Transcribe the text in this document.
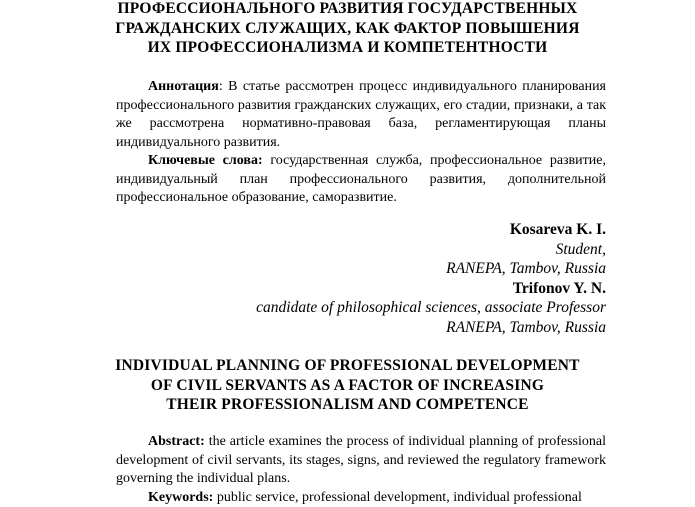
ПРОФЕССИОНАЛЬНОГО РАЗВИТИЯ ГОСУДАРСТВЕННЫХ
ГРАЖДАНСКИХ СЛУЖАЩИХ, КАК ФАКТОР ПОВЫШЕНИЯ
ИХ ПРОФЕССИОНАЛИЗМА И КОМПЕТЕНТНОСТИ

Аннотация: В статье рассмотрен процесс индивидуального планирования профессионального развития гражданских служащих, его стадии, признаки, а так же рассмотрена нормативно-правовая база, регламентирующая планы индивидуального развития.

Ключевые слова: государственная служба, профессиональное развитие, индивидуальный план профессионального развития, дополнительной профессиональное образование, саморазвитие.

Kosareva K. I.
Student,
RANEPA, Tambov, Russia
Trifonov Y. N.
candidate of philosophical sciences, associate Professor
RANEPA, Tambov, Russia
INDIVIDUAL PLANNING OF PROFESSIONAL DEVELOPMENT
OF CIVIL SERVANTS AS A FACTOR OF INCREASING
THEIR PROFESSIONALISM AND COMPETENCE

Abstract: the article examines the process of individual planning of professional development of civil servants, its stages, signs, and reviewed the regulatory framework governing the individual plans.

Keywords: public service, professional development, individual professional
